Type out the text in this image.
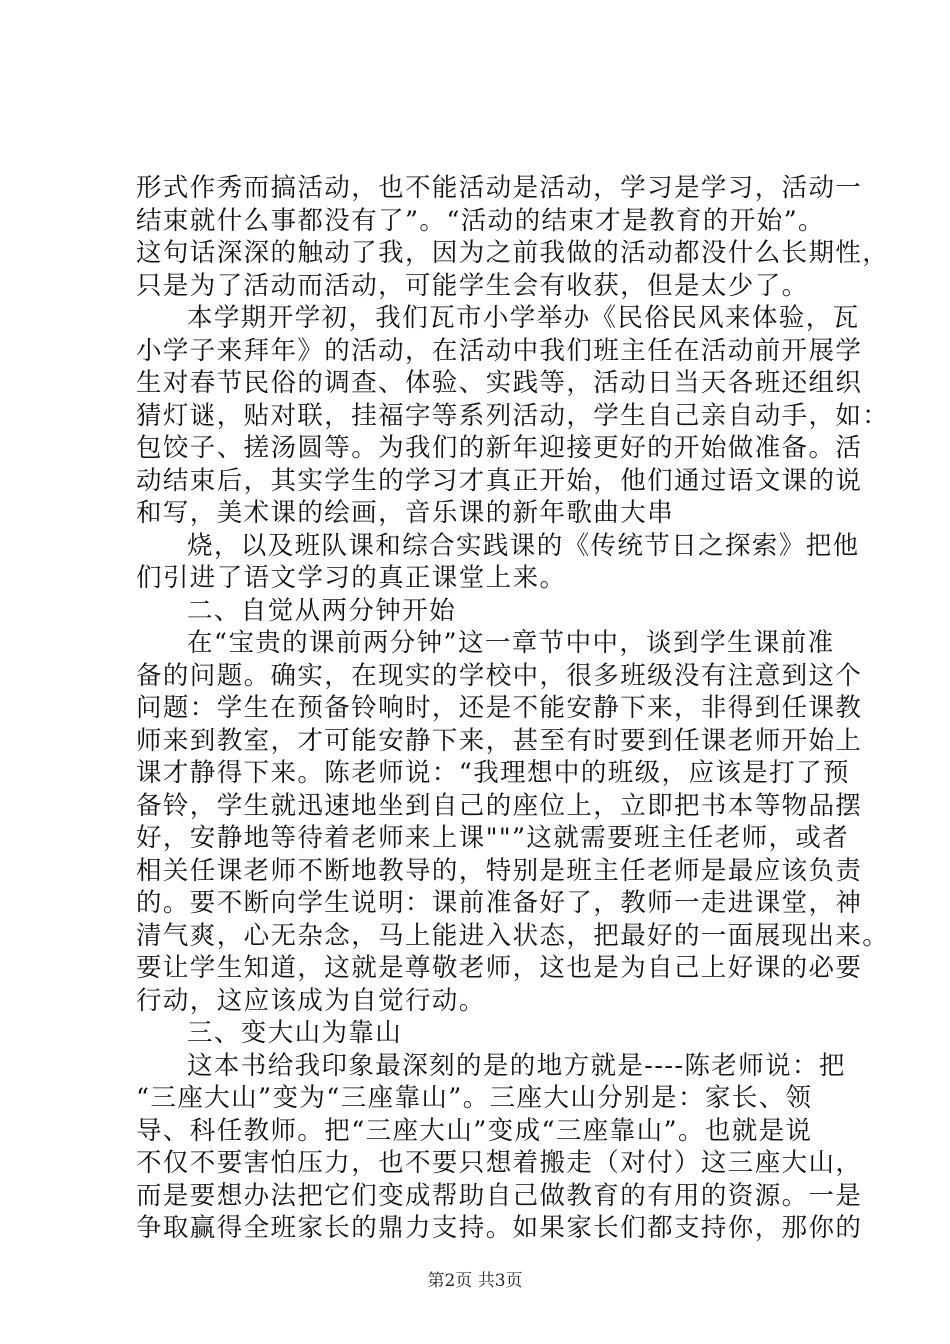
形式作秀而搞活动，也不能活动是活动，学习是学习，活动一
结束就什么事都没有了”。“活动的结束才是教育的开始”。
这句话深深的触动了我，因为之前我做的活动都没什么长期性，
只是为了活动而活动，可能学生会有收获，但是太少了。
本学期开学初，我们瓦市小学举办《民俗民风来体验，瓦
小学子来拜年》的活动，在活动中我们班主任在活动前开展学
生对春节民俗的调查、体验、实践等，活动日当天各班还组织
猜灯谜，贴对联，挂福字等系列活动，学生自己亲自动手，如：
包饺子、搓汤圆等。为我们的新年迎接更好的开始做准备。活
动结束后，其实学生的学习才真正开始，他们通过语文课的说
和写，美术课的绘画，音乐课的新年歌曲大串
烧，以及班队课和综合实践课的《传统节日之探索》把他
们引进了语文学习的真正课堂上来。
二、自觉从两分钟开始
在“宝贵的课前两分钟”这一章节中中，谈到学生课前准
备的问题。确实，在现实的学校中，很多班级没有注意到这个
问题：学生在预备铃响时，还是不能安静下来，非得到任课教
师来到教室，才可能安静下来，甚至有时要到任课老师开始上
课才静得下来。陈老师说：“我理想中的班级，应该是打了预
备铃，学生就迅速地坐到自己的座位上，立即把书本等物品摆
好，安静地等待着老师来上课""”这就需要班主任老师，或者
相关任课老师不断地教导的，特别是班主任老师是最应该负责
的。要不断向学生说明：课前准备好了，教师一走进课堂，神
清气爽，心无杂念，马上能进入状态，把最好的一面展现出来。
要让学生知道，这就是尊敬老师，这也是为自己上好课的必要
行动，这应该成为自觉行动。
三、变大山为靠山
这本书给我印象最深刻的是的地方就是----陈老师说：把
“三座大山”变为“三座靠山”。三座大山分别是：家长、领
导、科任教师。把“三座大山”变成“三座靠山”。也就是说
不仅不要害怕压力，也不要只想着搬走（对付）这三座大山，
而是要想办法把它们变成帮助自己做教育的有用的资源。一是
争取赢得全班家长的鼎力支持。如果家长们都支持你，那你的
第2页 共3页
